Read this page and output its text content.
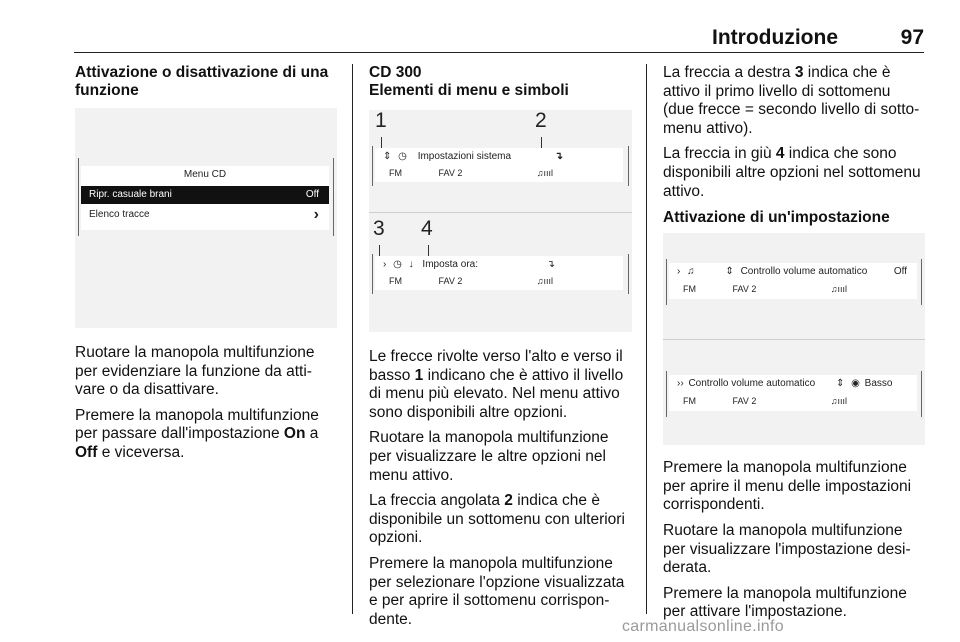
Introduzione	97
Attivazione o disattivazione di una funzione
Menu CD
Ripr. casuale brani	Off
Elenco tracce	›

Ruotare la manopola multifunzione per evidenziare la funzione da atti-vare o da disattivare.

Premere la manopola multifunzione per passare dall'impostazione On a Off e viceversa.

CD 300
Elementi di menu e simboli
1	2
⇕ ◷ Impostazioni sistema	↴
FM	FAV 2	♫ıııl
3 4
› ◷ ↓ Imposta ora:	↴
FM	FAV 2	♫ıııl

Le frecce rivolte verso l'alto e verso il basso 1 indicano che è attivo il livello di menu più elevato. Nel menu attivo sono disponibili altre opzioni.

Ruotare la manopola multifunzione per visualizzare le altre opzioni nel menu attivo.

La freccia angolata 2 indica che è disponibile un sottomenu con ulteriori opzioni.

Premere la manopola multifunzione per selezionare l'opzione visualizzata e per aprire il sottomenu corrispon-dente.

La freccia a destra 3 indica che è attivo il primo livello di sottomenu (due frecce = secondo livello di sotto-menu attivo).

La freccia in giù 4 indica che sono disponibili altre opzioni nel sottomenu attivo.

Attivazione di un'impostazione
› ♫	⇕ Controllo volume automatico	Off
FM	FAV 2	♫ıııl
›› Controllo volume automatico ⇕ ◉ Basso
FM	FAV 2	♫ıııl

Premere la manopola multifunzione per aprire il menu delle impostazioni corrispondenti.

Ruotare la manopola multifunzione per visualizzare l'impostazione desi-derata.

Premere la manopola multifunzione per attivare l'impostazione.

carmanualsonline.info
